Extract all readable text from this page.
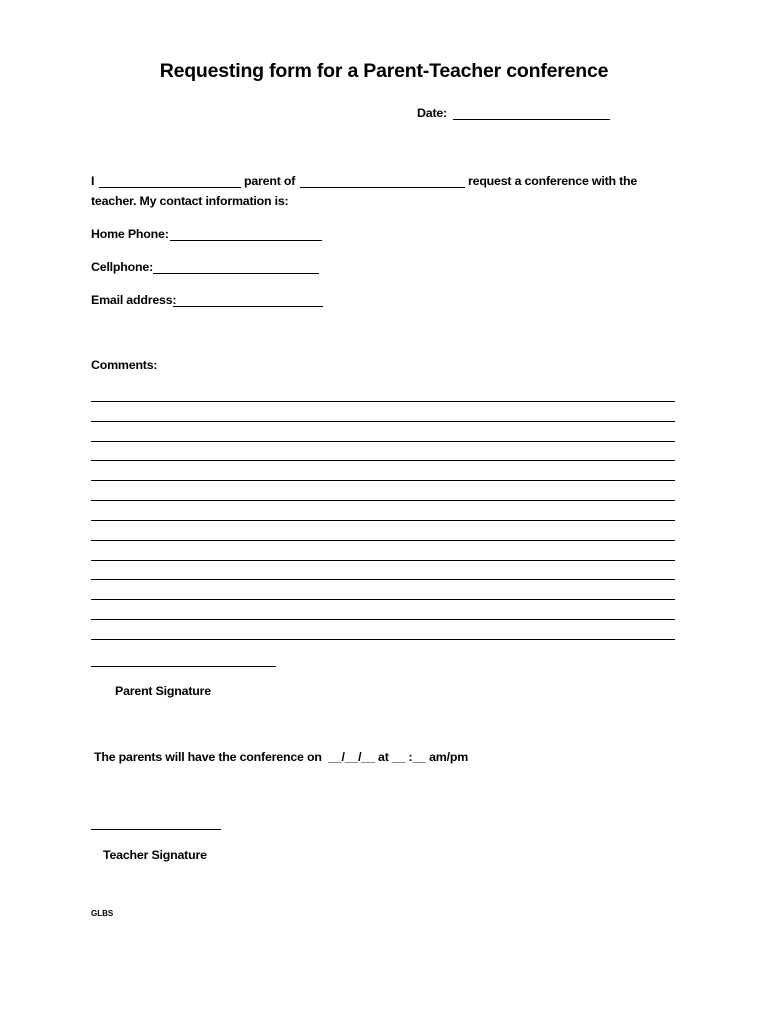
Requesting form for a Parent-Teacher conference
Date:
I	parent of	request a conference with the
teacher. My contact information is:
Home Phone:
Cellphone:
Email address:
Comments:
Parent Signature
The parents will have the conference on  __/__/__ at __ :__ am/pm
Teacher Signature
GLBS
